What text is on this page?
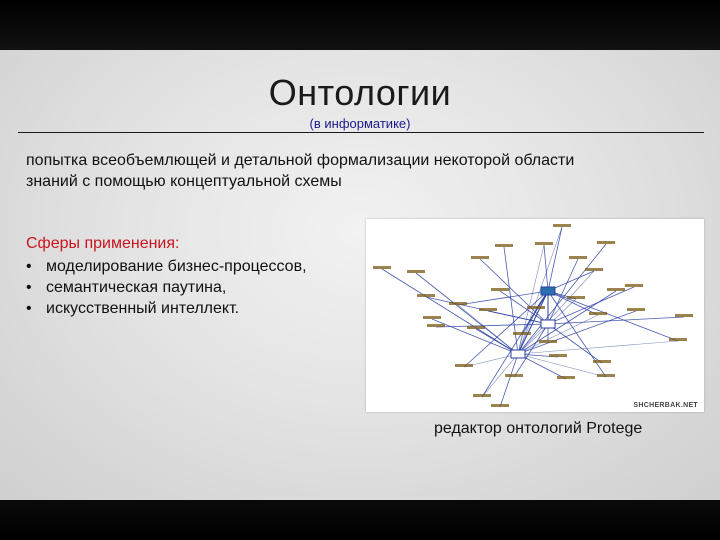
Онтологии
(в информатике)
попытка всеобъемлющей и детальной формализации некоторой области знаний с помощью концептуальной схемы
Сферы применения:
• моделирование бизнес-процессов,
• семантическая паутина,
• искусственный интеллект.
SHCHERBAK.NET
редактор онтологий Protege
